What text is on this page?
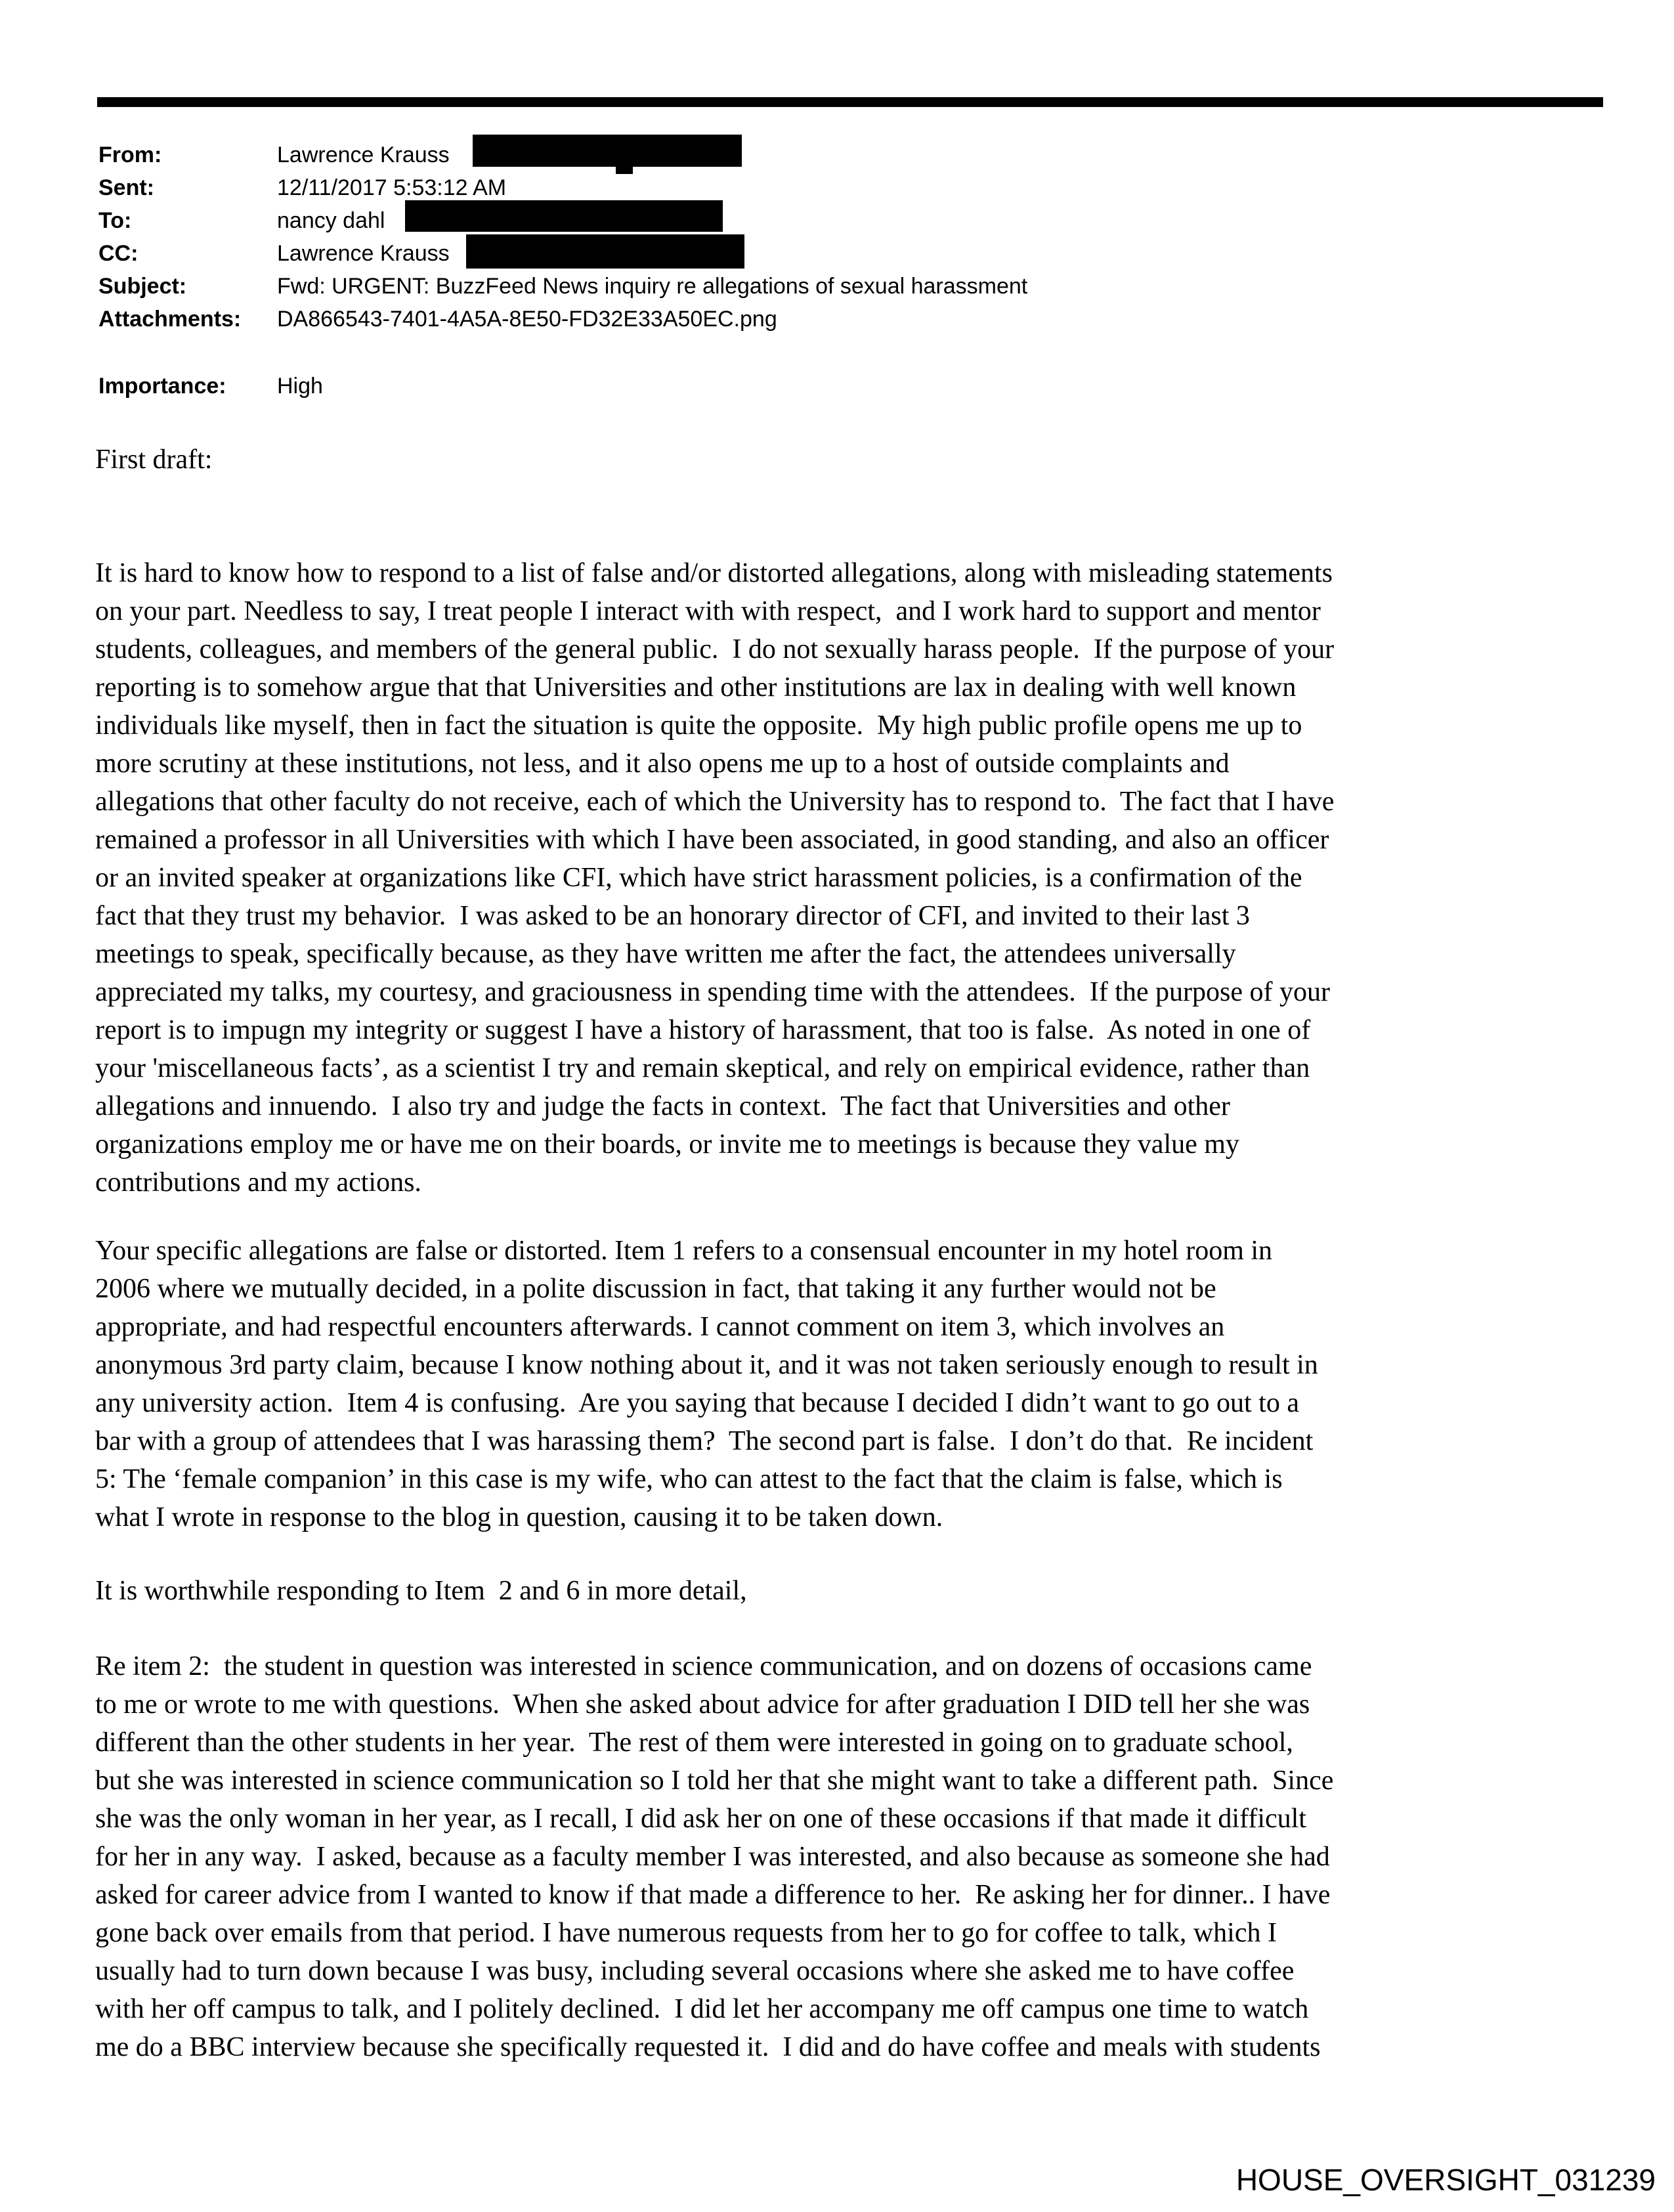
From:	Lawrence Krauss
Sent:	12/11/2017 5:53:12 AM
To:	nancy dahl
CC:	Lawrence Krauss
Subject:	Fwd: URGENT: BuzzFeed News inquiry re allegations of sexual harassment
Attachments: DA866543-7401-4A5A-8E50-FD32E33A50EC.png
Importance: High
First draft:
It is hard to know how to respond to a list of false and/or distorted allegations, along with misleading statements
on your part. Needless to say, I treat people I interact with with respect,  and I work hard to support and mentor
students, colleagues, and members of the general public.  I do not sexually harass people.  If the purpose of your
reporting is to somehow argue that that Universities and other institutions are lax in dealing with well known
individuals like myself, then in fact the situation is quite the opposite.  My high public profile opens me up to
more scrutiny at these institutions, not less, and it also opens me up to a host of outside complaints and
allegations that other faculty do not receive, each of which the University has to respond to.  The fact that I have
remained a professor in all Universities with which I have been associated, in good standing, and also an officer
or an invited speaker at organizations like CFI, which have strict harassment policies, is a confirmation of the
fact that they trust my behavior.  I was asked to be an honorary director of CFI, and invited to their last 3
meetings to speak, specifically because, as they have written me after the fact, the attendees universally
appreciated my talks, my courtesy, and graciousness in spending time with the attendees.  If the purpose of your
report is to impugn my integrity or suggest I have a history of harassment, that too is false.  As noted in one of
your 'miscellaneous facts’, as a scientist I try and remain skeptical, and rely on empirical evidence, rather than
allegations and innuendo.  I also try and judge the facts in context.  The fact that Universities and other
organizations employ me or have me on their boards, or invite me to meetings is because they value my
contributions and my actions.
Your specific allegations are false or distorted. Item 1 refers to a consensual encounter in my hotel room in
2006 where we mutually decided, in a polite discussion in fact, that taking it any further would not be
appropriate, and had respectful encounters afterwards. I cannot comment on item 3, which involves an
anonymous 3rd party claim, because I know nothing about it, and it was not taken seriously enough to result in
any university action.  Item 4 is confusing.  Are you saying that because I decided I didn’t want to go out to a
bar with a group of attendees that I was harassing them?  The second part is false.  I don’t do that.  Re incident
5: The ‘female companion’ in this case is my wife, who can attest to the fact that the claim is false, which is
what I wrote in response to the blog in question, causing it to be taken down.
It is worthwhile responding to Item  2 and 6 in more detail,
Re item 2:  the student in question was interested in science communication, and on dozens of occasions came
to me or wrote to me with questions.  When she asked about advice for after graduation I DID tell her she was
different than the other students in her year.  The rest of them were interested in going on to graduate school,
but she was interested in science communication so I told her that she might want to take a different path.  Since
she was the only woman in her year, as I recall, I did ask her on one of these occasions if that made it difficult
for her in any way.  I asked, because as a faculty member I was interested, and also because as someone she had
asked for career advice from I wanted to know if that made a difference to her.  Re asking her for dinner.. I have
gone back over emails from that period. I have numerous requests from her to go for coffee to talk, which I
usually had to turn down because I was busy, including several occasions where she asked me to have coffee
with her off campus to talk, and I politely declined.  I did let her accompany me off campus one time to watch
me do a BBC interview because she specifically requested it.  I did and do have coffee and meals with students
HOUSE_OVERSIGHT_031239
